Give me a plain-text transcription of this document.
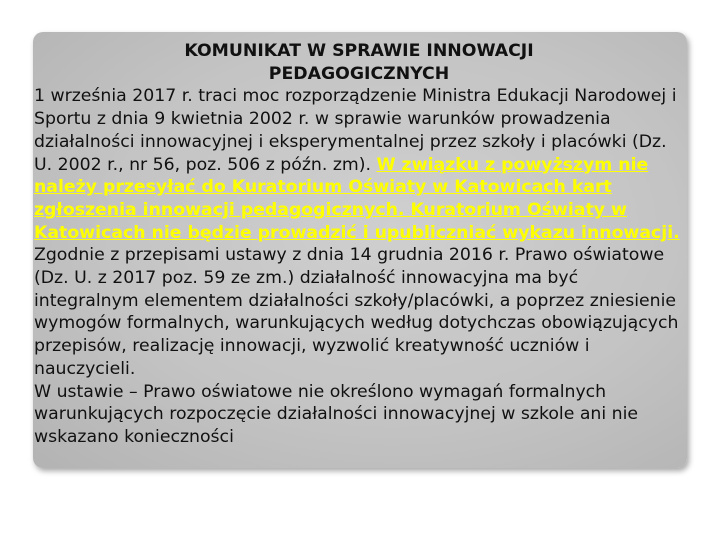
KOMUNIKAT W SPRAWIE INNOWACJI
PEDAGOGICZNYCH

1 września 2017 r. traci moc rozporządzenie Ministra Edukacji Narodowej i Sportu z dnia 9 kwietnia 2002 r. w sprawie warunków prowadzenia działalności innowacyjnej i eksperymentalnej przez szkoły i placówki (Dz. U. 2002 r., nr 56, poz. 506 z późn. zm). W związku z powyższym nie należy przesyłać do Kuratorium Oświaty w Katowicach kart zgłoszenia innowacji pedagogicznych. Kuratorium Oświaty w Katowicach nie będzie prowadzić i upubliczniać wykazu innowacji.

Zgodnie z przepisami ustawy z dnia 14 grudnia 2016 r. Prawo oświatowe (Dz. U. z 2017 poz. 59 ze zm.) działalność innowacyjna ma być integralnym elementem działalności szkoły/placówki, a poprzez zniesienie wymogów formalnych, warunkujących według dotychczas obowiązujących przepisów, realizację innowacji, wyzwolić kreatywność uczniów i nauczycieli.

W ustawie – Prawo oświatowe nie określono wymagań formalnych warunkujących rozpoczęcie działalności innowacyjnej w szkole ani nie wskazano konieczności
